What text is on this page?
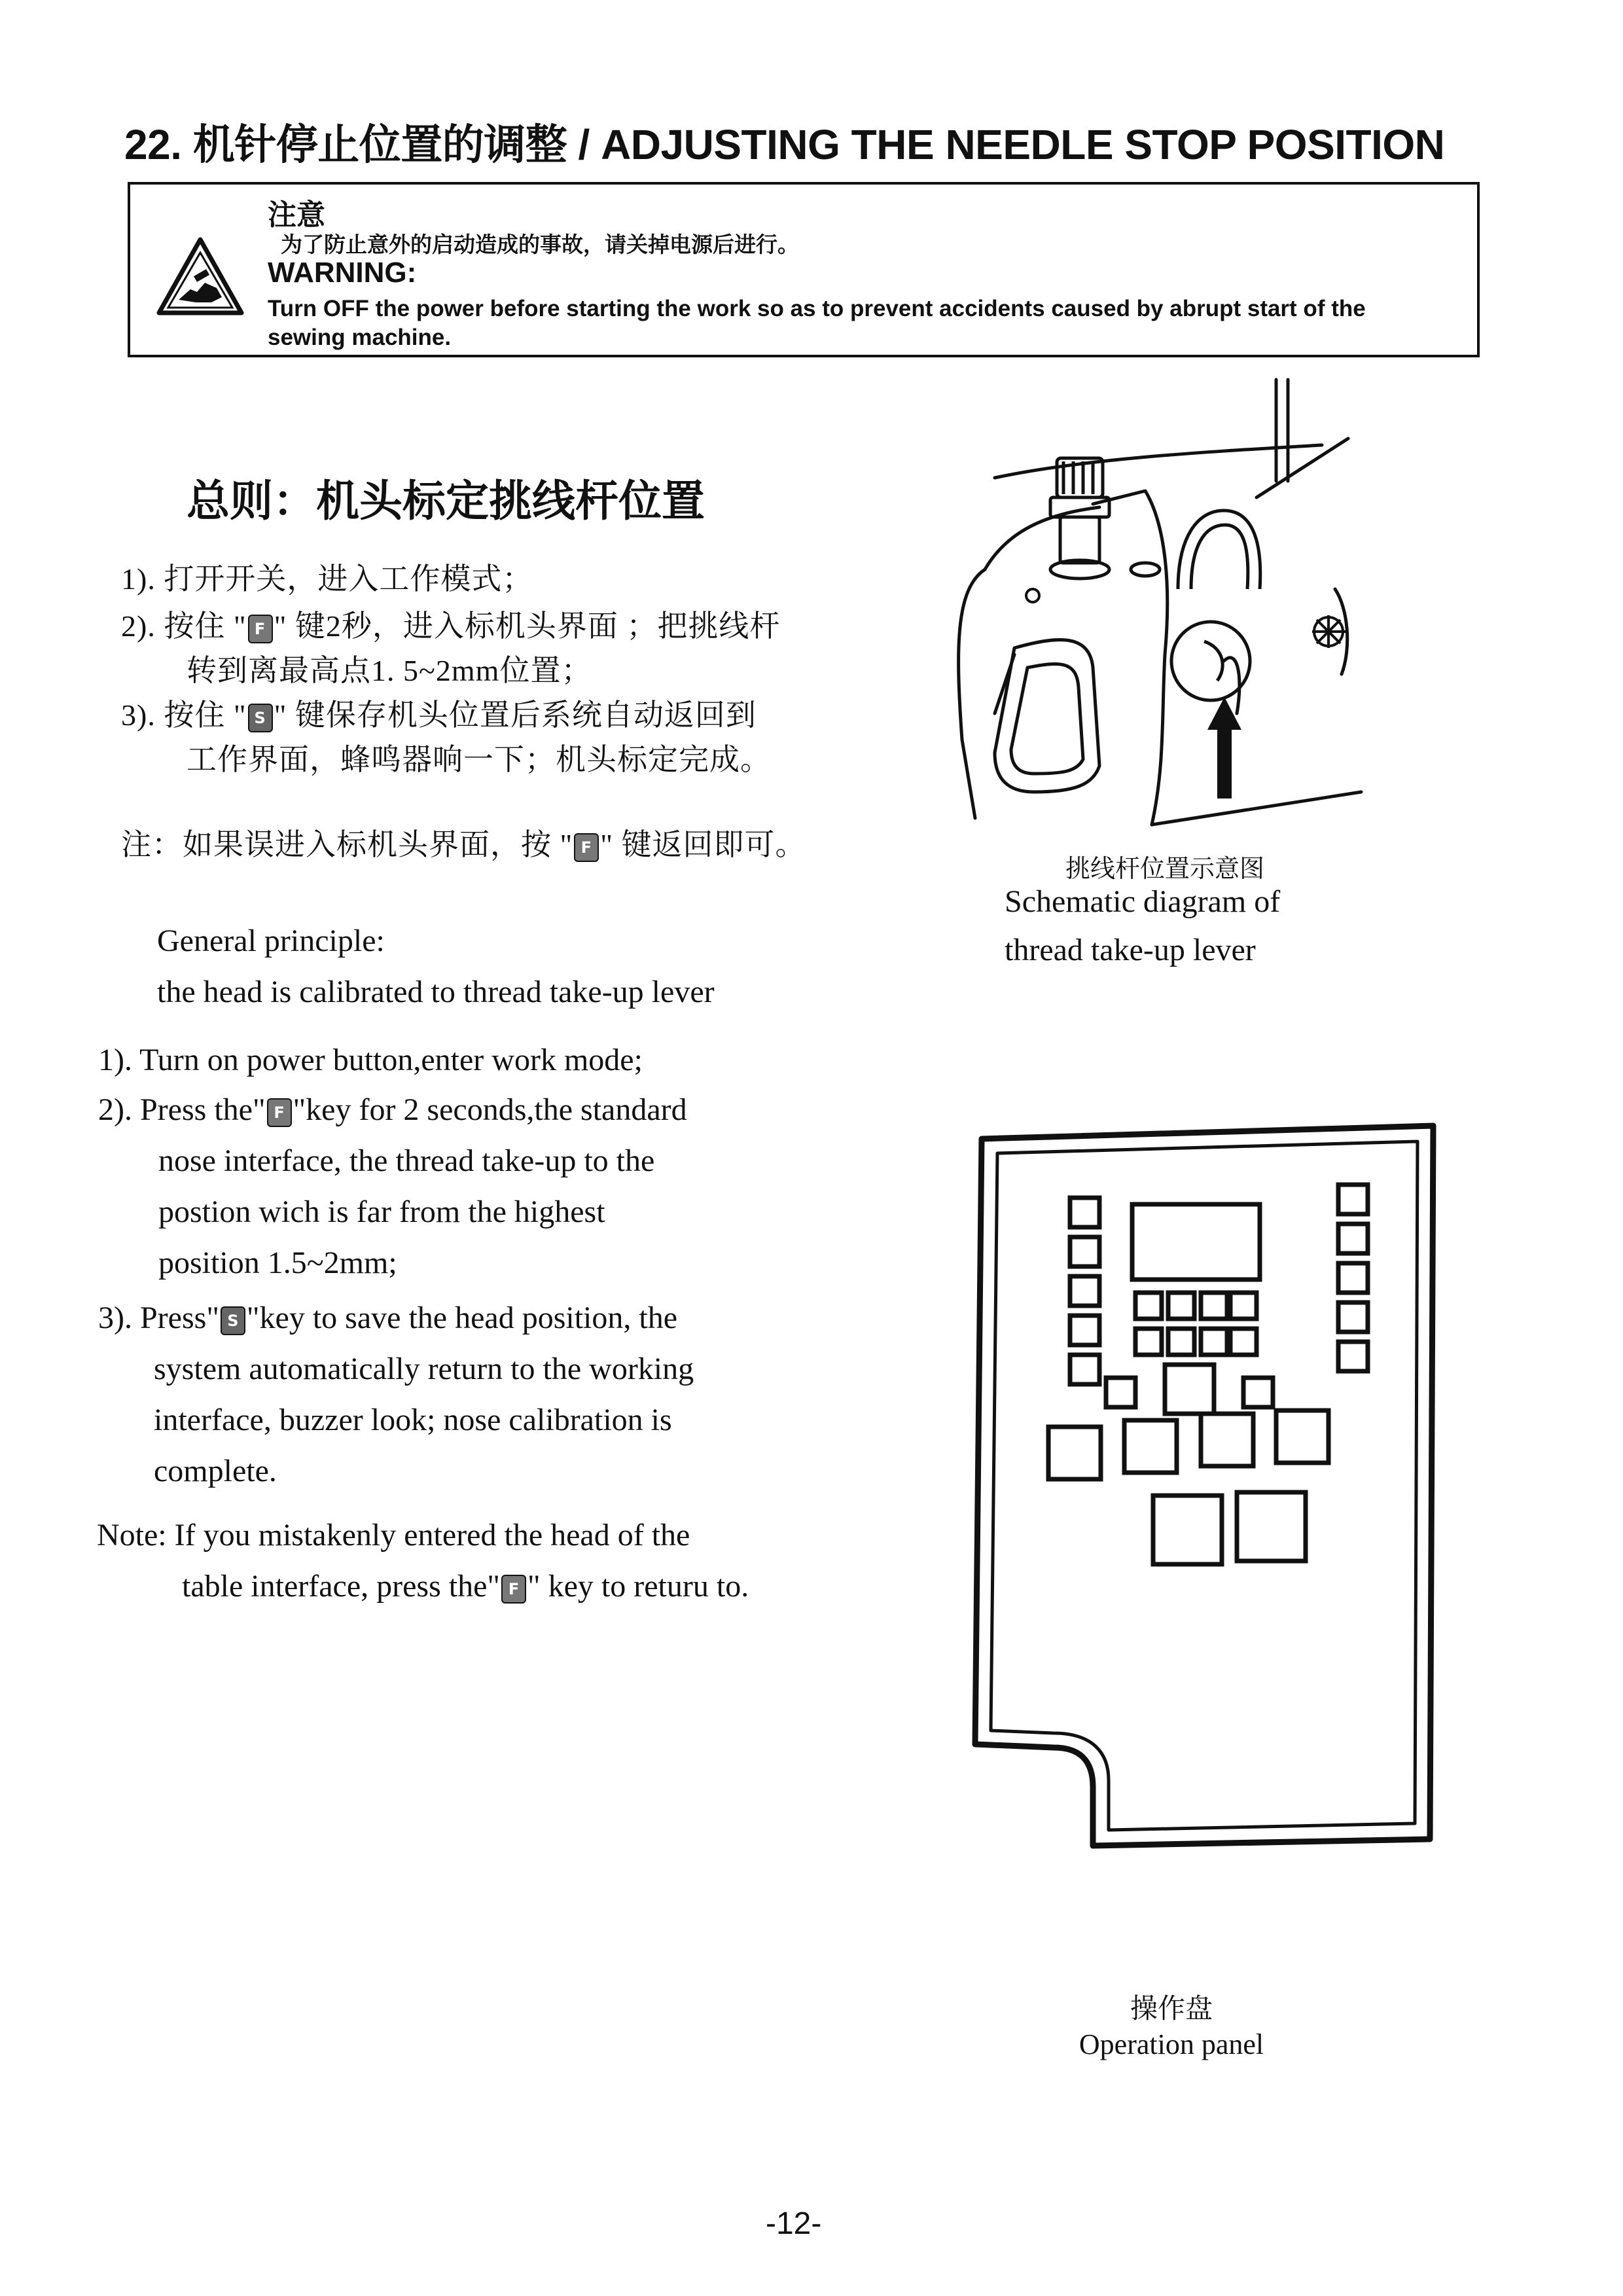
22. 机针停止位置的调整 / ADJUSTING THE NEEDLE STOP POSITION
注意
为了防止意外的启动造成的事故，请关掉电源后进行。
WARNING:
Turn OFF the power before starting the work so as to prevent accidents caused by abrupt start of the
sewing machine.
总则：机头标定挑线杆位置
1). 打开开关，进入工作模式；
2). 按住 " F " 键2秒，进入标机头界面 ；把挑线杆
转到离最高点1. 5~2mm位置；
3). 按住 " S " 键保存机头位置后系统自动返回到
工作界面，蜂鸣器响一下；机头标定完成。
注：如果误进入标机头界面，按 " F " 键返回即可。
General principle:
the head is calibrated to thread take-up lever
1). Turn on power button,enter work mode;
2). Press the" F "key for 2 seconds,the standard
nose interface, the thread take-up to the
postion wich is far from the highest
position 1.5~2mm;
3). Press" S "key to save the head position, the
system automatically return to the working
interface, buzzer look; nose calibration is
complete.
Note: If you mistakenly entered the head of the
table interface, press the" F " key to returu to.
挑线杆位置示意图
Schematic diagram of
thread take-up lever
操作盘
Operation panel
-12-
